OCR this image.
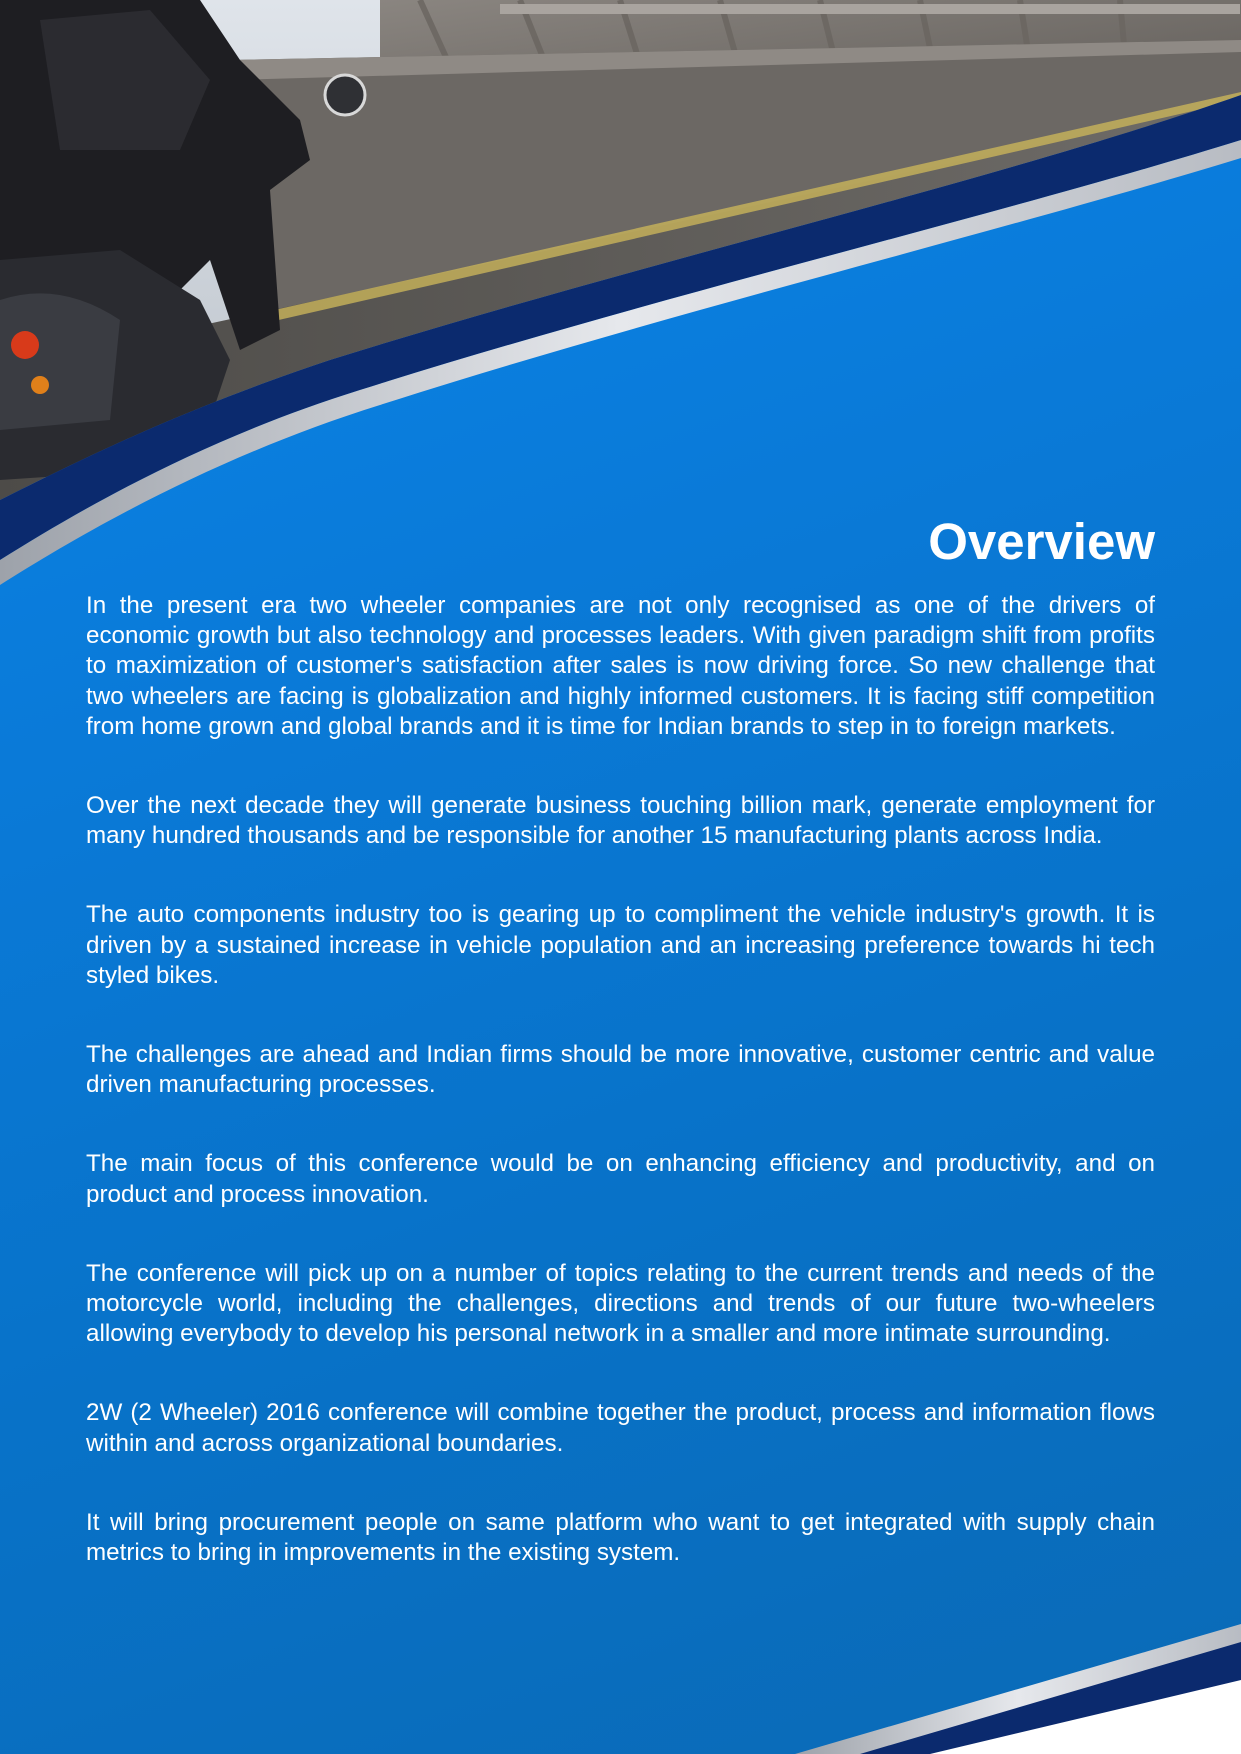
Overview

In the present era two wheeler companies are not only recognised as one of the drivers of economic growth but also technology and processes leaders. With given paradigm shift from profits to maximization of customer's satisfaction after sales is now driving force. So new challenge that two wheelers are facing is globalization and highly informed customers. It is facing stiff competition from home grown and global brands and it is time for Indian brands to step in to foreign markets.

Over the next decade they will generate business touching billion mark, generate employment for many hundred thousands and be responsible for another 15 manufacturing plants across India.

The auto components industry too is gearing up to compliment the vehicle industry's growth. It is driven by a sustained increase in vehicle population and an increasing preference towards hi tech styled bikes.

The challenges are ahead and Indian firms should be more innovative, customer centric and value driven manufacturing processes.

The main focus of this conference would be on enhancing efficiency and productivity, and on product and process innovation.

The conference will pick up on a number of topics relating to the current trends and needs of the motorcycle world, including the challenges, directions and trends of our future two-wheelers allowing everybody to develop his personal network in a smaller and more intimate surrounding.

2W (2 Wheeler) 2016 conference will combine together the product, process and information flows within and across organizational boundaries.

It will bring procurement people on same platform who want to get integrated with supply chain metrics to bring in improvements in the existing system.
